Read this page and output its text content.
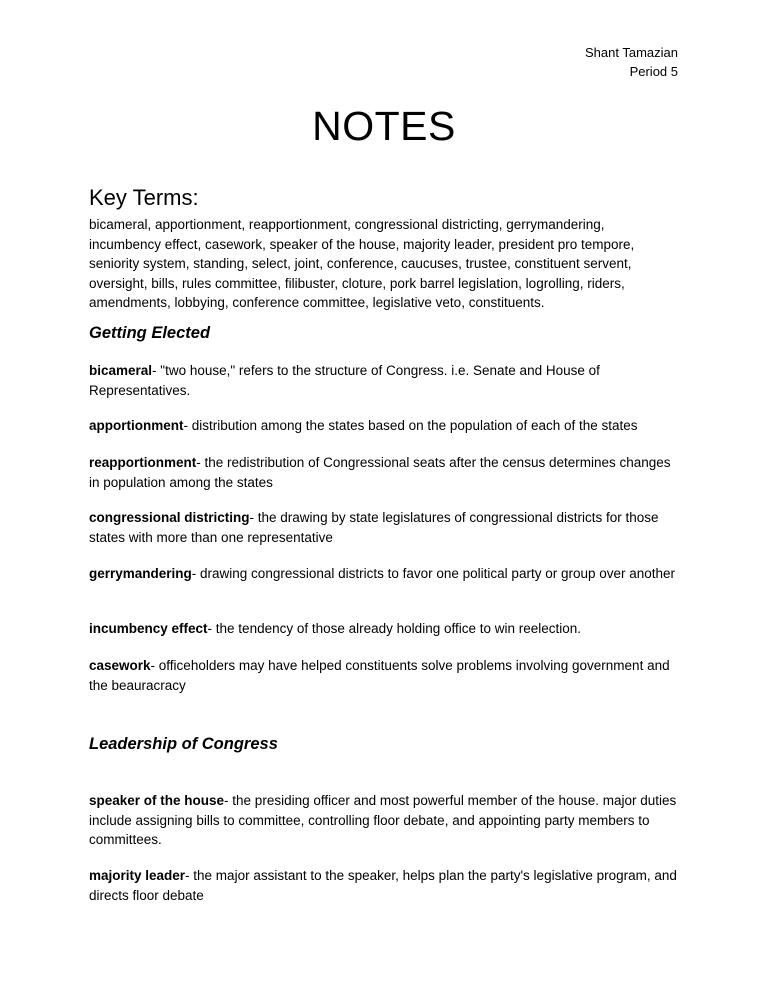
Shant Tamazian
Period 5
NOTES
Key Terms:

bicameral, apportionment, reapportionment, congressional districting, gerrymandering, incumbency effect, casework, speaker of the house, majority leader, president pro tempore, seniority system, standing, select, joint, conference, caucuses, trustee, constituent servent, oversight, bills, rules committee, filibuster, cloture, pork barrel legislation, logrolling, riders, amendments, lobbying, conference committee, legislative veto, constituents.

Getting Elected

bicameral- "two house," refers to the structure of Congress. i.e. Senate and House of Representatives.

apportionment- distribution among the states based on the population of each of the states

reapportionment- the redistribution of Congressional seats after the census determines changes in population among the states

congressional districting- the drawing by state legislatures of congressional districts for those states with more than one representative

gerrymandering- drawing congressional districts to favor one political party or group over another

incumbency effect- the tendency of those already holding office to win reelection.

casework- officeholders may have helped constituents solve problems involving government and the beauracracy

Leadership of Congress

speaker of the house- the presiding officer and most powerful member of the house. major duties include assigning bills to committee, controlling floor debate, and appointing party members to committees.

majority leader- the major assistant to the speaker, helps plan the party's legislative program, and directs floor debate
